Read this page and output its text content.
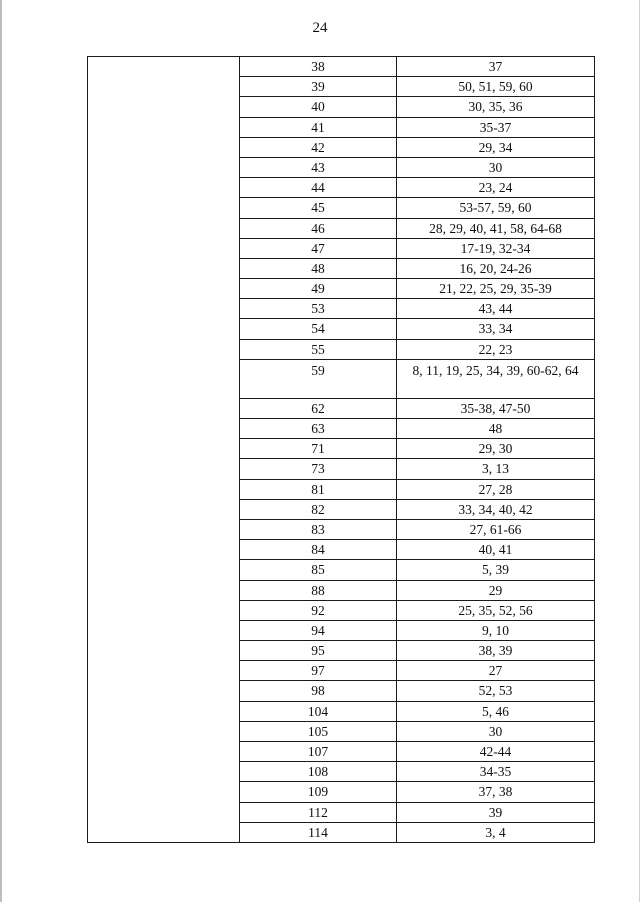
24
	38	37
	39	50, 51, 59, 60
	40	30, 35, 36
	41	35-37
	42	29, 34
	43	30
	44	23, 24
	45	53-57, 59, 60
	46	28, 29, 40, 41, 58, 64-68
	47	17-19, 32-34
	48	16, 20, 24-26
	49	21, 22, 25, 29, 35-39
	53	43, 44
	54	33, 34
	55	22, 23
	59	8, 11, 19, 25, 34, 39, 60-62, 64
	62	35-38, 47-50
	63	48
	71	29, 30
	73	3, 13
	81	27, 28
	82	33, 34, 40, 42
	83	27, 61-66
	84	40, 41
	85	5, 39
	88	29
	92	25, 35, 52, 56
	94	9, 10
	95	38, 39
	97	27
	98	52, 53
	104	5, 46
	105	30
	107	42-44
	108	34-35
	109	37, 38
	112	39
	114	3, 4
